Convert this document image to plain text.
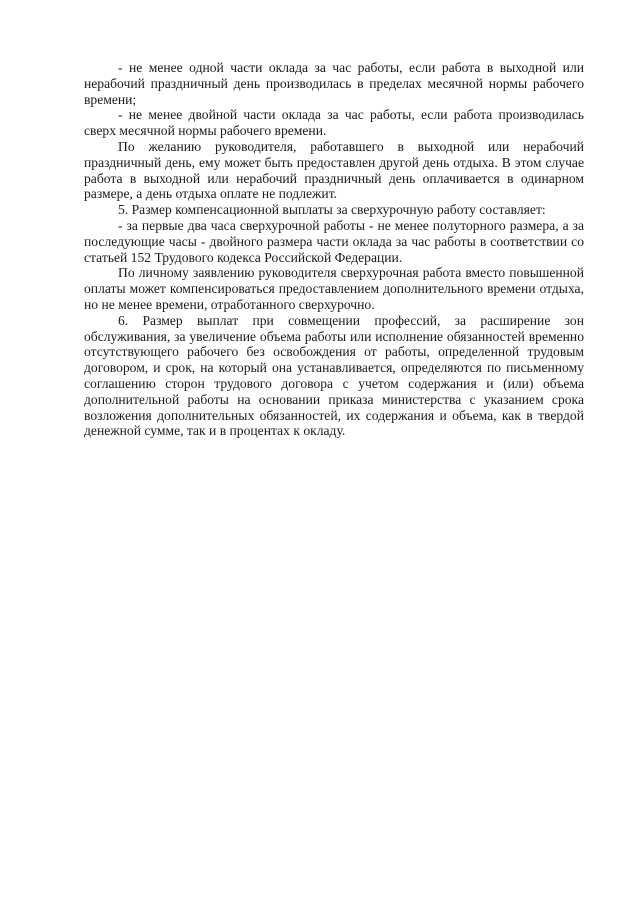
- не менее одной части оклада за час работы, если работа в выходной или нерабочий праздничный день производилась в пределах месячной нормы рабочего времени;

- не менее двойной части оклада за час работы, если работа производилась сверх месячной нормы рабочего времени.

По желанию руководителя, работавшего в выходной или нерабочий праздничный день, ему может быть предоставлен другой день отдыха. В этом случае работа в выходной или нерабочий праздничный день оплачивается в одинарном размере, а день отдыха оплате не подлежит.

5. Размер компенсационной выплаты за сверхурочную работу составляет:

- за первые два часа сверхурочной работы - не менее полуторного размера, а за последующие часы - двойного размера части оклада за час работы в соответствии со статьей 152 Трудового кодекса Российской Федерации.

По личному заявлению руководителя сверхурочная работа вместо повышенной оплаты может компенсироваться предоставлением дополнительного времени отдыха, но не менее времени, отработанного сверхурочно.

6. Размер выплат при совмещении профессий, за расширение зон обслуживания, за увеличение объема работы или исполнение обязанностей временно отсутствующего рабочего без освобождения от работы, определенной трудовым договором, и срок, на который она устанавливается, определяются по письменному соглашению сторон трудового договора с учетом содержания и (или) объема дополнительной работы на основании приказа министерства с указанием срока возложения дополнительных обязанностей, их содержания и объема, как в твердой денежной сумме, так и в процентах к окладу.
